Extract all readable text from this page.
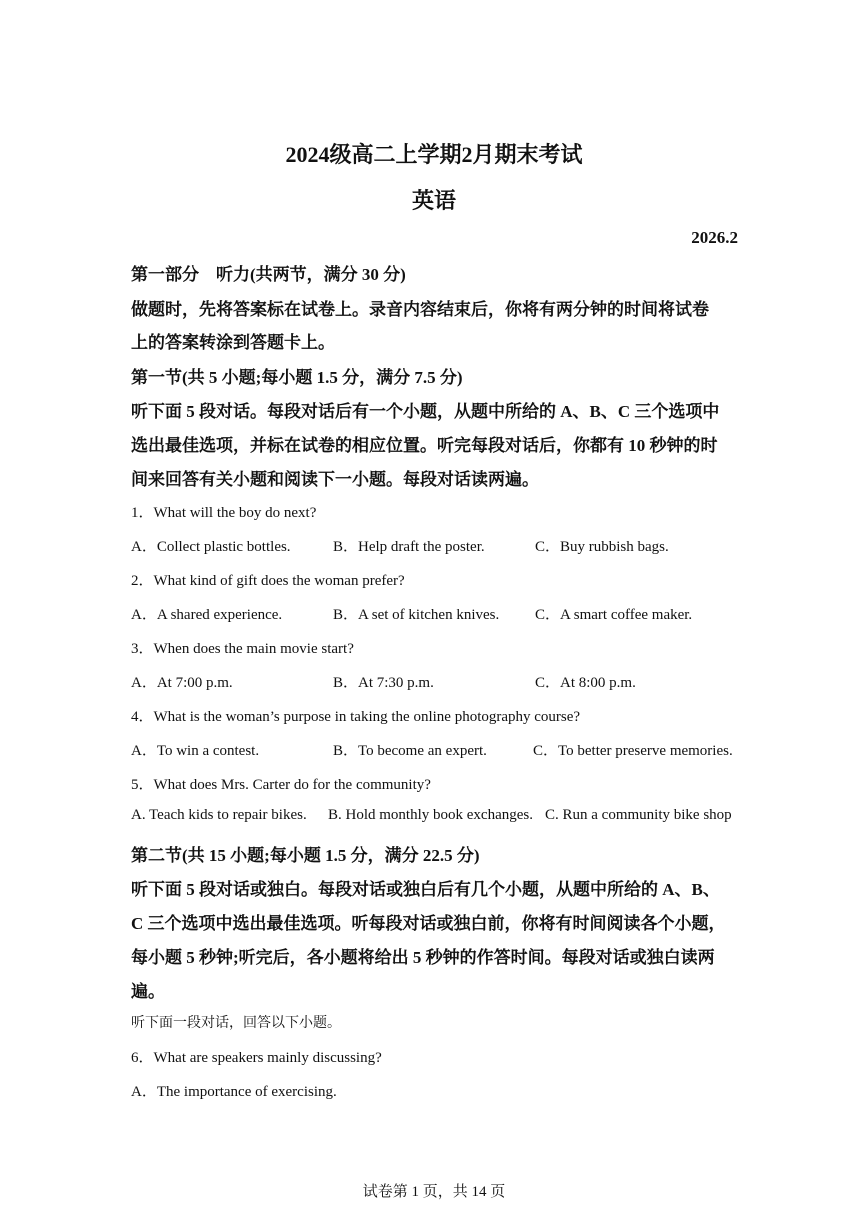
2024级高二上学期2月期末考试
英语
2026.2
第一部分　听力(共两节，满分 30 分)
做题时，先将答案标在试卷上。录音内容结束后，你将有两分钟的时间将试卷
上的答案转涂到答题卡上。
第一节(共 5 小题;每小题 1.5 分，满分 7.5 分)
听下面 5 段对话。每段对话后有一个小题，从题中所给的 A、B、C 三个选项中
选出最佳选项，并标在试卷的相应位置。听完每段对话后，你都有 10 秒钟的时
间来回答有关小题和阅读下一小题。每段对话读两遍。
1．What will the boy do next?
A．Collect plastic bottles.	B．Help draft the poster.	C．Buy rubbish bags.
2．What kind of gift does the woman prefer?
A．A shared experience.	B．A set of kitchen knives. C．A smart coffee maker.
3．When does the main movie start?
A．At 7:00 p.m.	B．At 7:30 p.m.	C．At 8:00 p.m.
4．What is the woman’s purpose in taking the online photography course?
A．To win a contest.	B．To become an expert.	C．To better preserve memories.
5．What does Mrs. Carter do for the community?
A. Teach kids to repair bikes. B. Hold monthly book exchanges. C. Run a community bike shop
第二节(共 15 小题;每小题 1.5 分，满分 22.5 分)
听下面 5 段对话或独白。每段对话或独白后有几个小题，从题中所给的 A、B、
C 三个选项中选出最佳选项。听每段对话或独白前，你将有时间阅读各个小题，
每小题 5 秒钟;听完后，各小题将给出 5 秒钟的作答时间。每段对话或独白读两
遍。
听下面一段对话，回答以下小题。
6．What are speakers mainly discussing?
A．The importance of exercising.
试卷第 1 页，共 14 页
